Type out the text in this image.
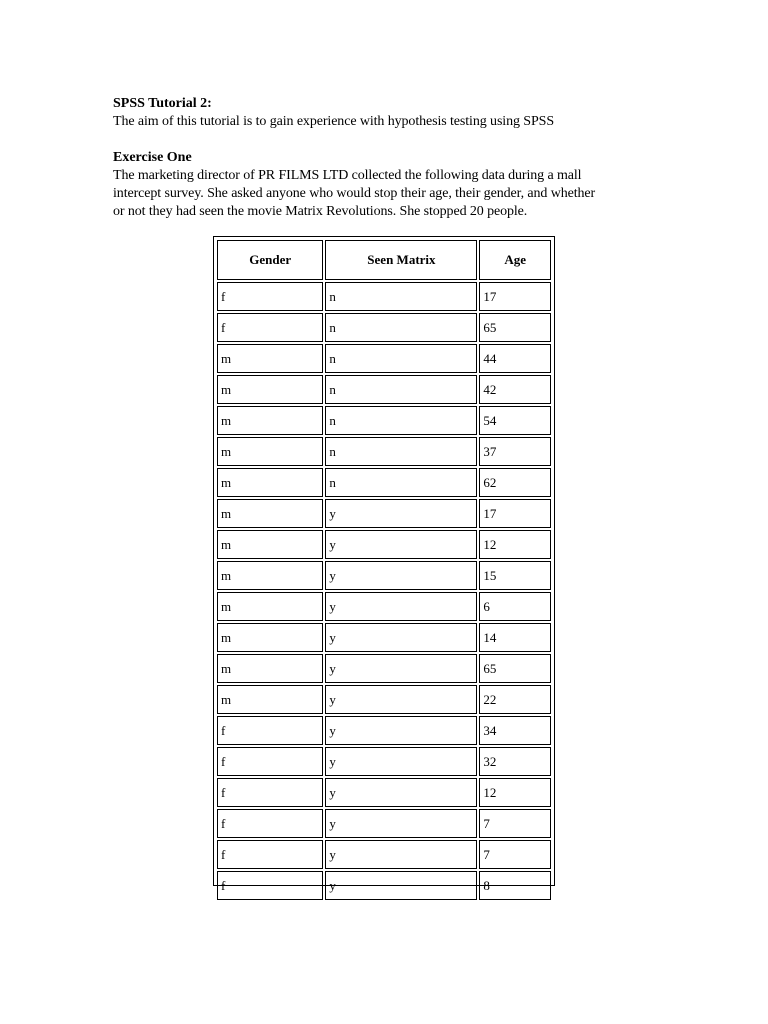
SPSS Tutorial 2:

The aim of this tutorial is to gain experience with hypothesis testing using SPSS

Exercise One

The marketing director of PR FILMS LTD collected the following data during a mall

intercept survey. She asked anyone who would stop their age, their gender, and whether

or not they had seen the movie Matrix Revolutions. She stopped 20 people.

Gender	Seen Matrix	Age
f	n	17
f	n	65
m	n	44
m	n	42
m	n	54
m	n	37
m	n	62
m	y	17
m	y	12
m	y	15
m	y	6
m	y	14
m	y	65
m	y	22
f	y	34
f	y	32
f	y	12
f	y	7
f	y	7
f	y	8
